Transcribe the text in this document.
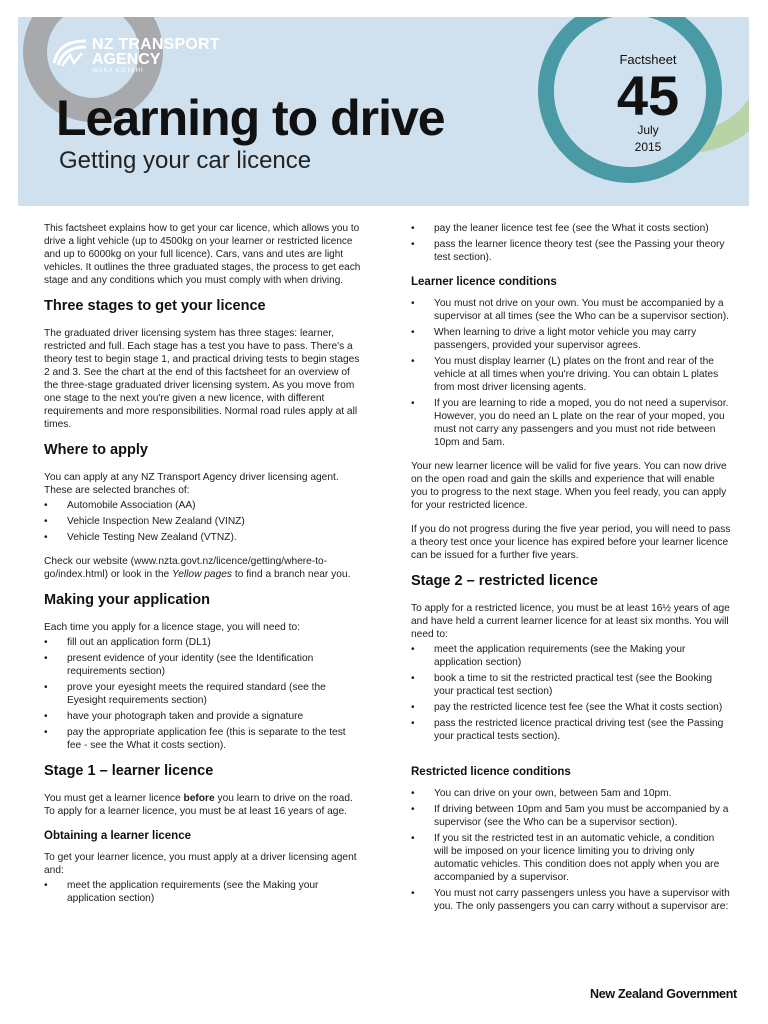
NZ TRANSPORT
AGENCY
WAKA KOTAHI
Learning to drive
Getting your car licence
Factsheet
45
July
2015

This factsheet explains how to get your car licence, which allows you to drive a light vehicle (up to 4500kg on your learner or restricted licence and up to 6000kg on your full licence). Cars, vans and utes are light vehicles. It outlines the three graduated stages, the process to get each stage and any conditions which you must comply with when driving.

Three stages to get your licence

The graduated driver licensing system has three stages: learner, restricted and full. Each stage has a test you have to pass. There's a theory test to begin stage 1, and practical driving tests to begin stages 2 and 3. See the chart at the end of this factsheet for an overview of the three-stage graduated driver licensing system. As you move from one stage to the next you're given a new licence, with different requirements and more responsibilities. Normal road rules apply at all times.

Where to apply

You can apply at any NZ Transport Agency driver licensing agent. These are selected branches of:

• Automobile Association (AA)
• Vehicle Inspection New Zealand (VINZ)
• Vehicle Testing New Zealand (VTNZ).

Check our website (www.nzta.govt.nz/licence/getting/where-to-go/index.html) or look in the Yellow pages to find a branch near you.

Making your application

Each time you apply for a licence stage, you will need to:

• fill out an application form (DL1)
• present evidence of your identity (see the Identification requirements section)
• prove your eyesight meets the required standard (see the Eyesight requirements section)
• have your photograph taken and provide a signature
• pay the appropriate application fee (this is separate to the test fee - see the What it costs section).
Stage 1 – learner licence

You must get a learner licence before you learn to drive on the road. To apply for a learner licence, you must be at least 16 years of age.

Obtaining a learner licence

To get your learner licence, you must apply at a driver licensing agent and:

• meet the application requirements (see the Making your application section)
• pay the leaner licence test fee (see the What it costs section)
• pass the learner licence theory test (see the Passing your theory test section).
Learner licence conditions
• You must not drive on your own. You must be accompanied by a supervisor at all times (see the Who can be a supervisor section).
• When learning to drive a light motor vehicle you may carry passengers, provided your supervisor agrees.
• You must display learner (L) plates on the front and rear of the vehicle at all times when you're driving. You can obtain L plates from most driver licensing agents.
• If you are learning to ride a moped, you do not need a supervisor. However, you do need an L plate on the rear of your moped, you must not carry any passengers and you must not ride between 10pm and 5am.

Your new learner licence will be valid for five years. You can now drive on the open road and gain the skills and experience that will enable you to progress to the next stage. When you feel ready, you can apply for your restricted licence.

If you do not progress during the five year period, you will need to pass a theory test once your licence has expired before your learner licence can be issued for a further five years.

Stage 2 – restricted licence

To apply for a restricted licence, you must be at least 16½ years of age and have held a current learner licence for at least six months. You will need to:

• meet the application requirements (see the Making your application section)
• book a time to sit the restricted practical test (see the Booking your practical test section)
• pay the restricted licence test fee (see the What it costs section)
• pass the restricted licence practical driving test (see the Passing your practical tests section).
Restricted licence conditions
• You can drive on your own, between 5am and 10pm.
• If driving between 10pm and 5am you must be accompanied by a supervisor (see the Who can be a supervisor section).
• If you sit the restricted test in an automatic vehicle, a condition will be imposed on your licence limiting you to driving only automatic vehicles. This condition does not apply when you are accompanied by a supervisor.
• You must not carry passengers unless you have a supervisor with you. The only passengers you can carry without a supervisor are:
New Zealand Government
